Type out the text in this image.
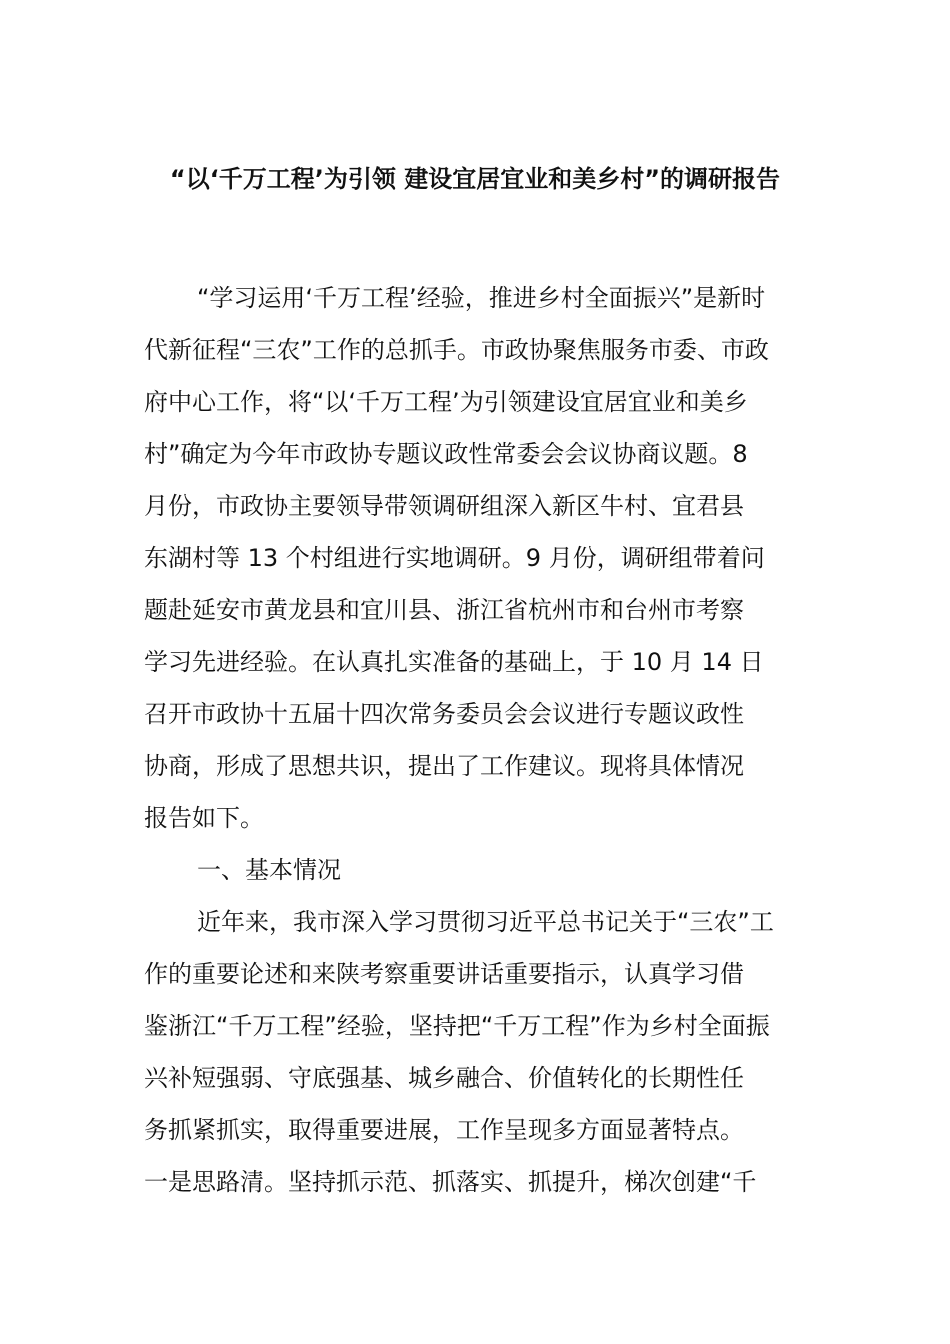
“以‘千万工程’为引领 建设宜居宜业和美乡村”的调研报告

“学习运用‘千万工程’经验，推进乡村全面振兴”是新时

代新征程“三农”工作的总抓手。市政协聚焦服务市委、市政

府中心工作，将“以‘千万工程’为引领建设宜居宜业和美乡

村”确定为今年市政协专题议政性常委会会议协商议题。8

月份，市政协主要领导带领调研组深入新区牛村、宜君县

东湖村等 13 个村组进行实地调研。9 月份，调研组带着问

题赴延安市黄龙县和宜川县、浙江省杭州市和台州市考察

学习先进经验。在认真扎实准备的基础上，于 10 月 14 日

召开市政协十五届十四次常务委员会会议进行专题议政性

协商，形成了思想共识，提出了工作建议。现将具体情况

报告如下。

一、基本情况

近年来，我市深入学习贯彻习近平总书记关于“三农”工

作的重要论述和来陕考察重要讲话重要指示，认真学习借

鉴浙江“千万工程”经验，坚持把“千万工程”作为乡村全面振

兴补短强弱、守底强基、城乡融合、价值转化的长期性任

务抓紧抓实，取得重要进展，工作呈现多方面显著特点。

一是思路清。坚持抓示范、抓落实、抓提升，梯次创建“千
